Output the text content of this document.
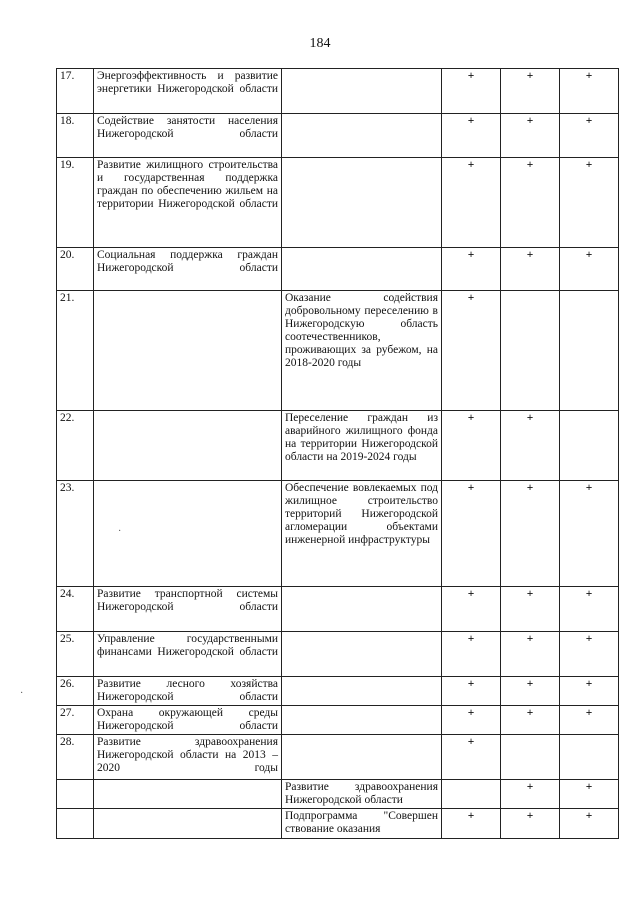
184
17.	Энергоэффективность и развитие энергетики Нижегородской области		+	+	+
18.	Содействие занятости населения Нижегородской области		+	+	+
19.	Развитие жилищного строительства и государственная поддержка граждан по обеспечению жильем на территории Нижегородской области		+	+	+
20.	Социальная поддержка граждан Нижегородской области		+	+	+
21.		Оказание содействия добровольному переселению в Нижегородскую область соотечественников, проживающих за рубежом, на 2018-2020 годы	+		
22.		Переселение граждан из аварийного жилищного фонда на территории Нижегородской области на 2019-2024 годы	+	+	
23.		Обеспечение вовлекаемых под жилищное строительство территорий Нижегородской агломерации объектами инженерной инфраструктуры	+	+	+
24.	Развитие транспортной системы Нижегородской области		+	+	+
25.	Управление государственными финансами Нижегородской области		+	+	+
26.	Развитие лесного хозяйства Нижегородской области		+	+	+
27.	Охрана окружающей среды Нижегородской области		+	+	+
28.	Развитие здравоохранения Нижегородской области на 2013 – 2020 годы		+		
		Развитие здравоохранения Нижегородской области		+	+
		Подпрограмма "Совершен ствование оказания	+	+	+
·
·
